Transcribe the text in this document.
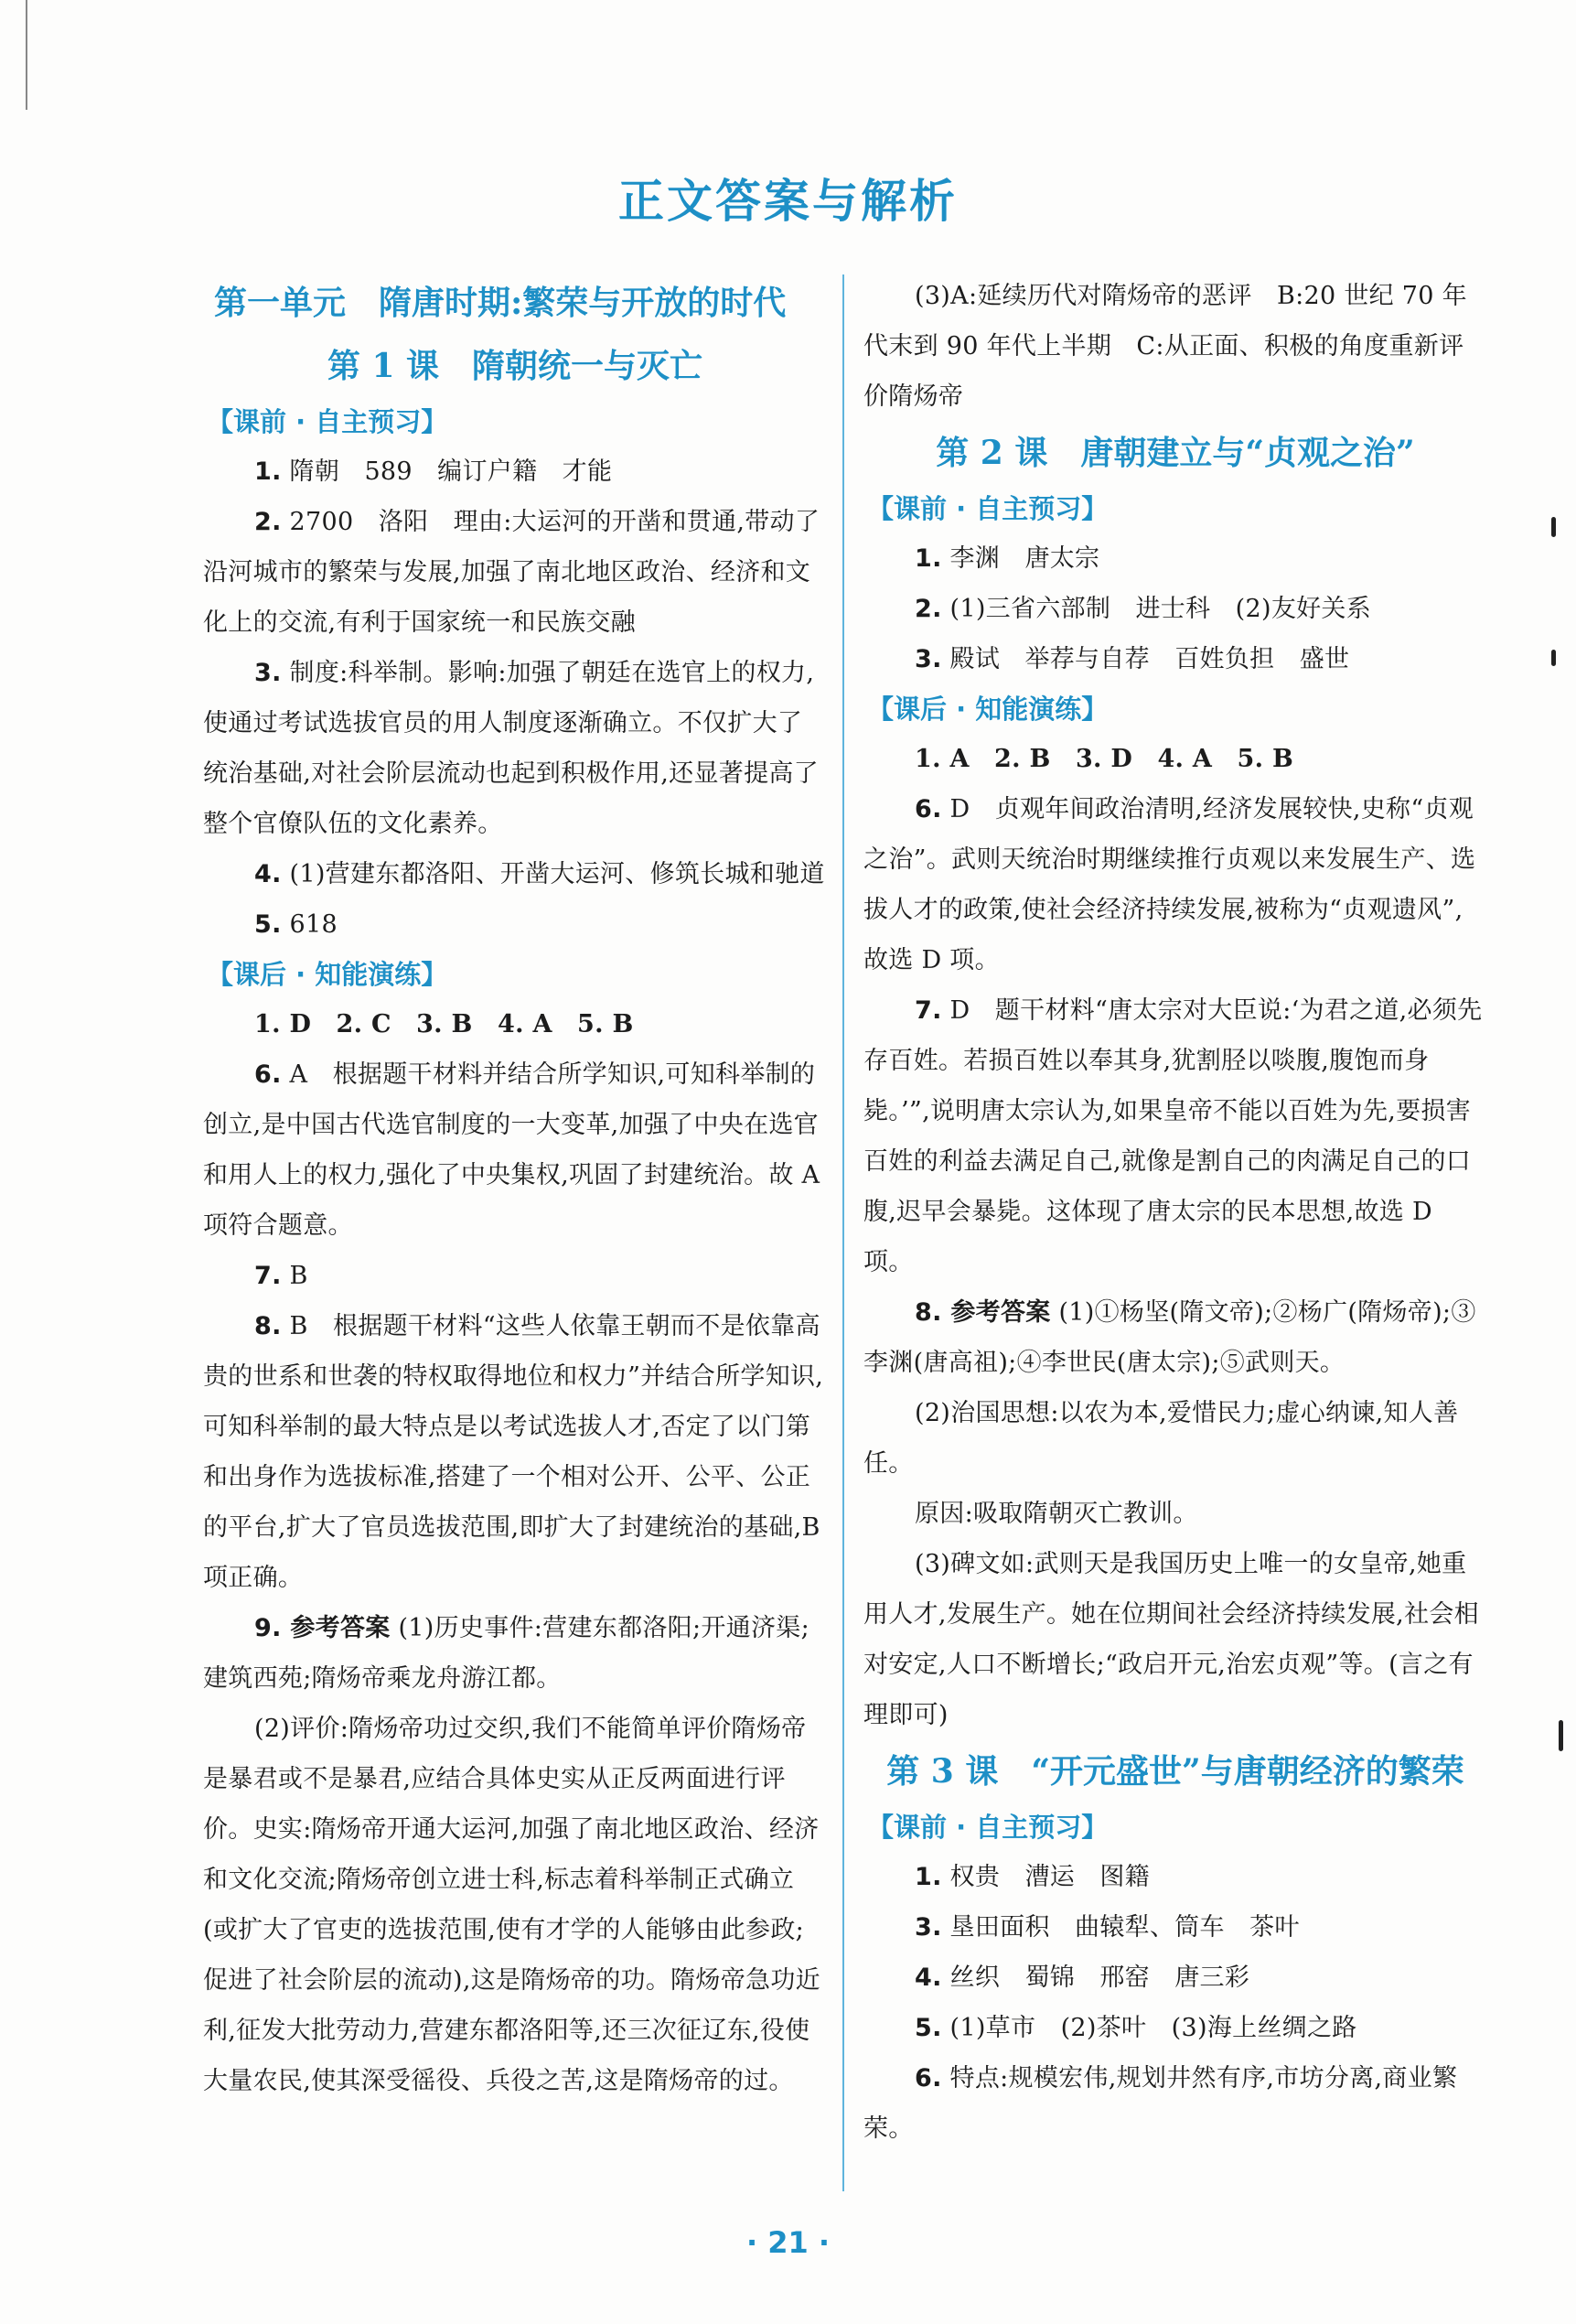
正文答案与解析
第一单元　隋唐时期:繁荣与开放的时代
第 1 课　隋朝统一与灭亡
【课前 · 自主预习】

1. 隋朝　589　编订户籍　才能

2. 2700　洛阳　理由:大运河的开凿和贯通,带动了沿河城市的繁荣与发展,加强了南北地区政治、经济和文化上的交流,有利于国家统一和民族交融

3. 制度:科举制。影响:加强了朝廷在选官上的权力,使通过考试选拔官员的用人制度逐渐确立。不仅扩大了统治基础,对社会阶层流动也起到积极作用,还显著提高了整个官僚队伍的文化素养。

4. (1)营建东都洛阳、开凿大运河、修筑长城和驰道

5. 618

【课后 · 知能演练】

1. D　2. C　3. B　4. A　5. B

6. A　根据题干材料并结合所学知识,可知科举制的创立,是中国古代选官制度的一大变革,加强了中央在选官和用人上的权力,强化了中央集权,巩固了封建统治。故 A 项符合题意。

7. B

8. B　根据题干材料“这些人依靠王朝而不是依靠高贵的世系和世袭的特权取得地位和权力”并结合所学知识,可知科举制的最大特点是以考试选拔人才,否定了以门第和出身作为选拔标准,搭建了一个相对公开、公平、公正的平台,扩大了官员选拔范围,即扩大了封建统治的基础,B 项正确。

9. 参考答案 (1)历史事件:营建东都洛阳;开通济渠;建筑西苑;隋炀帝乘龙舟游江都。

(2)评价:隋炀帝功过交织,我们不能简单评价隋炀帝是暴君或不是暴君,应结合具体史实从正反两面进行评价。史实:隋炀帝开通大运河,加强了南北地区政治、经济和文化交流;隋炀帝创立进士科,标志着科举制正式确立(或扩大了官吏的选拔范围,使有才学的人能够由此参政;促进了社会阶层的流动),这是隋炀帝的功。隋炀帝急功近利,征发大批劳动力,营建东都洛阳等,还三次征辽东,役使大量农民,使其深受徭役、兵役之苦,这是隋炀帝的过。

(3)A:延续历代对隋炀帝的恶评　B:20 世纪 70 年代末到 90 年代上半期　C:从正面、积极的角度重新评价隋炀帝

第 2 课　唐朝建立与“贞观之治”
【课前 · 自主预习】

1. 李渊　唐太宗

2. (1)三省六部制　进士科　(2)友好关系

3. 殿试　举荐与自荐　百姓负担　盛世

【课后 · 知能演练】

1. A　2. B　3. D　4. A　5. B

6. D　贞观年间政治清明,经济发展较快,史称“贞观之治”。武则天统治时期继续推行贞观以来发展生产、选拔人才的政策,使社会经济持续发展,被称为“贞观遗风”,故选 D 项。

7. D　题干材料“唐太宗对大臣说:‘为君之道,必须先存百姓。若损百姓以奉其身,犹割胫以啖腹,腹饱而身毙。’”,说明唐太宗认为,如果皇帝不能以百姓为先,要损害百姓的利益去满足自己,就像是割自己的肉满足自己的口腹,迟早会暴毙。这体现了唐太宗的民本思想,故选 D 项。

8. 参考答案 (1)①杨坚(隋文帝);②杨广(隋炀帝);③李渊(唐高祖);④李世民(唐太宗);⑤武则天。

(2)治国思想:以农为本,爱惜民力;虚心纳谏,知人善任。

原因:吸取隋朝灭亡教训。

(3)碑文如:武则天是我国历史上唯一的女皇帝,她重用人才,发展生产。她在位期间社会经济持续发展,社会相对安定,人口不断增长;“政启开元,治宏贞观”等。(言之有理即可)

第 3 课　“开元盛世”与唐朝经济的繁荣
【课前 · 自主预习】

1. 权贵　漕运　图籍

3. 垦田面积　曲辕犁、筒车　茶叶

4. 丝织　蜀锦　邢窑　唐三彩

5. (1)草市　(2)茶叶　(3)海上丝绸之路

6. 特点:规模宏伟,规划井然有序,市坊分离,商业繁荣。

· 21 ·
